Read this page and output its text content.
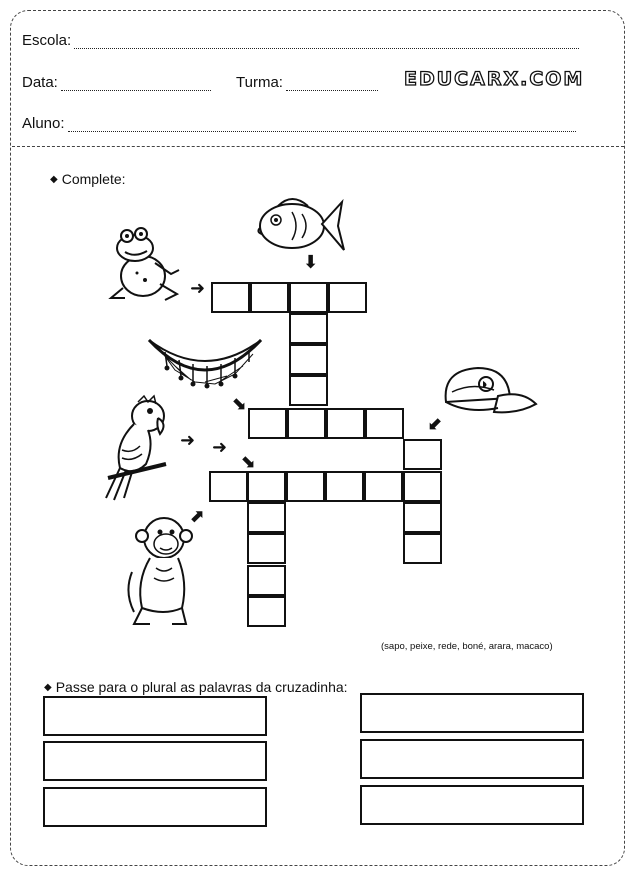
Escola:
Data:	Turma:	EDUCARX.COM
Aluno:
◆ Complete:
➜
⬇
⬊
➜ ➜
⬊
⬋
⬈
(sapo, peixe, rede, boné, arara, macaco)
◆ Passe para o plural as palavras da cruzadinha:
